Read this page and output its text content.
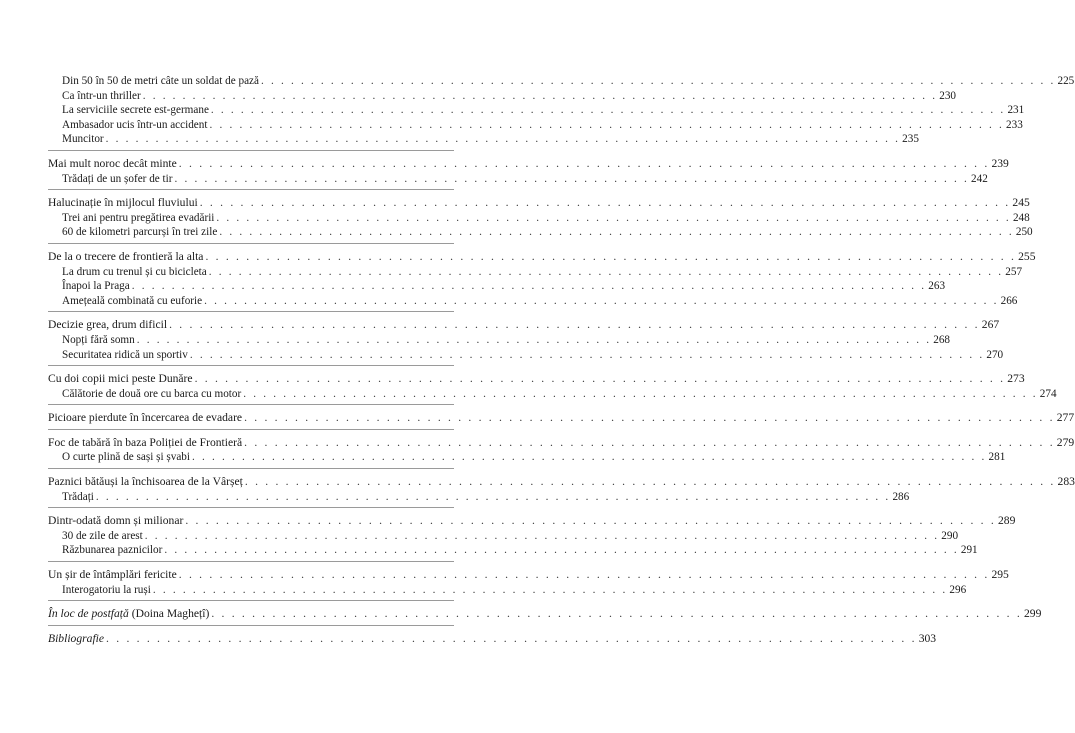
Din 50 în 50 de metri câte un soldat de pază . . . . . . . . . . . . . . . . . . . . . . . . . . . . . . . . . . . . . . . . . . . . . . . . . . . . . . . . . . . . . . . . . . . . . . . . . . . . . . . . 225
Ca într-un thriller . . . . . . . . . . . . . . . . . . . . . . . . . . . . . . . . . . . . . . . . . . . . . . . . . . . . . . . . . . . . . . . . . . . . . . . . . . . . . . . . 230
La serviciile secrete est-germane . . . . . . . . . . . . . . . . . . . . . . . . . . . . . . . . . . . . . . . . . . . . . . . . . . . . . . . . . . . . . . . . . . . . . . . . . . . . . . . . 231
Ambasador ucis într-un accident . . . . . . . . . . . . . . . . . . . . . . . . . . . . . . . . . . . . . . . . . . . . . . . . . . . . . . . . . . . . . . . . . . . . . . . . . . . . . . . . 233
Muncitor . . . . . . . . . . . . . . . . . . . . . . . . . . . . . . . . . . . . . . . . . . . . . . . . . . . . . . . . . . . . . . . . . . . . . . . . . . . . . . . . 235
Mai mult noroc decât minte . . . . . . . . . . . . . . . . . . . . . . . . . . . . . . . . . . . . . . . . . . . . . . . . . . . . . . . . . . . . . . . . . . . . . . . . . . . . . . . . 239
Trădați de un șofer de tir . . . . . . . . . . . . . . . . . . . . . . . . . . . . . . . . . . . . . . . . . . . . . . . . . . . . . . . . . . . . . . . . . . . . . . . . . . . . . . . . 242
Halucinație în mijlocul fluviului . . . . . . . . . . . . . . . . . . . . . . . . . . . . . . . . . . . . . . . . . . . . . . . . . . . . . . . . . . . . . . . . . . . . . . . . . . . . . . . . 245
Trei ani pentru pregătirea evadării . . . . . . . . . . . . . . . . . . . . . . . . . . . . . . . . . . . . . . . . . . . . . . . . . . . . . . . . . . . . . . . . . . . . . . . . . . . . . . . . 248
60 de kilometri parcurși în trei zile . . . . . . . . . . . . . . . . . . . . . . . . . . . . . . . . . . . . . . . . . . . . . . . . . . . . . . . . . . . . . . . . . . . . . . . . . . . . . . . . 250
De la o trecere de frontieră la alta . . . . . . . . . . . . . . . . . . . . . . . . . . . . . . . . . . . . . . . . . . . . . . . . . . . . . . . . . . . . . . . . . . . . . . . . . . . . . . . . 255
La drum cu trenul și cu bicicleta . . . . . . . . . . . . . . . . . . . . . . . . . . . . . . . . . . . . . . . . . . . . . . . . . . . . . . . . . . . . . . . . . . . . . . . . . . . . . . . . 257
Înapoi la Praga . . . . . . . . . . . . . . . . . . . . . . . . . . . . . . . . . . . . . . . . . . . . . . . . . . . . . . . . . . . . . . . . . . . . . . . . . . . . . . . . 263
Amețeală combinată cu euforie . . . . . . . . . . . . . . . . . . . . . . . . . . . . . . . . . . . . . . . . . . . . . . . . . . . . . . . . . . . . . . . . . . . . . . . . . . . . . . . . 266
Decizie grea, drum dificil . . . . . . . . . . . . . . . . . . . . . . . . . . . . . . . . . . . . . . . . . . . . . . . . . . . . . . . . . . . . . . . . . . . . . . . . . . . . . . . . 267
Nopți fără somn . . . . . . . . . . . . . . . . . . . . . . . . . . . . . . . . . . . . . . . . . . . . . . . . . . . . . . . . . . . . . . . . . . . . . . . . . . . . . . . . 268
Securitatea ridică un sportiv . . . . . . . . . . . . . . . . . . . . . . . . . . . . . . . . . . . . . . . . . . . . . . . . . . . . . . . . . . . . . . . . . . . . . . . . . . . . . . . . 270
Cu doi copii mici peste Dunăre . . . . . . . . . . . . . . . . . . . . . . . . . . . . . . . . . . . . . . . . . . . . . . . . . . . . . . . . . . . . . . . . . . . . . . . . . . . . . . . . 273
Călătorie de două ore cu barca cu motor . . . . . . . . . . . . . . . . . . . . . . . . . . . . . . . . . . . . . . . . . . . . . . . . . . . . . . . . . . . . . . . . . . . . . . . . . . . . . . . . 274
Picioare pierdute în încercarea de evadare . . . . . . . . . . . . . . . . . . . . . . . . . . . . . . . . . . . . . . . . . . . . . . . . . . . . . . . . . . . . . . . . . . . . . . . . . . . . . . . . 277
Foc de tabără în baza Poliției de Frontieră . . . . . . . . . . . . . . . . . . . . . . . . . . . . . . . . . . . . . . . . . . . . . . . . . . . . . . . . . . . . . . . . . . . . . . . . . . . . . . . . 279
O curte plină de sași și șvabi . . . . . . . . . . . . . . . . . . . . . . . . . . . . . . . . . . . . . . . . . . . . . . . . . . . . . . . . . . . . . . . . . . . . . . . . . . . . . . . . 281
Paznici bătăuși la închisoarea de la Vârșeț . . . . . . . . . . . . . . . . . . . . . . . . . . . . . . . . . . . . . . . . . . . . . . . . . . . . . . . . . . . . . . . . . . . . . . . . . . . . . . . . 283
Trădați . . . . . . . . . . . . . . . . . . . . . . . . . . . . . . . . . . . . . . . . . . . . . . . . . . . . . . . . . . . . . . . . . . . . . . . . . . . . . . . . 286
Dintr-odată domn și milionar . . . . . . . . . . . . . . . . . . . . . . . . . . . . . . . . . . . . . . . . . . . . . . . . . . . . . . . . . . . . . . . . . . . . . . . . . . . . . . . . 289
30 de zile de arest . . . . . . . . . . . . . . . . . . . . . . . . . . . . . . . . . . . . . . . . . . . . . . . . . . . . . . . . . . . . . . . . . . . . . . . . . . . . . . . . 290
Răzbunarea paznicilor . . . . . . . . . . . . . . . . . . . . . . . . . . . . . . . . . . . . . . . . . . . . . . . . . . . . . . . . . . . . . . . . . . . . . . . . . . . . . . . . 291
Un șir de întâmplări fericite . . . . . . . . . . . . . . . . . . . . . . . . . . . . . . . . . . . . . . . . . . . . . . . . . . . . . . . . . . . . . . . . . . . . . . . . . . . . . . . . 295
Interogatoriu la ruși . . . . . . . . . . . . . . . . . . . . . . . . . . . . . . . . . . . . . . . . . . . . . . . . . . . . . . . . . . . . . . . . . . . . . . . . . . . . . . . . 296
În loc de postfață (Doina Maghețî) . . . . . . . . . . . . . . . . . . . . . . . . . . . . . . . . . . . . . . . . . . . . . . . . . . . . . . . . . . . . . . . . . . . . . . . . . . . . . . . . 299
Bibliografie . . . . . . . . . . . . . . . . . . . . . . . . . . . . . . . . . . . . . . . . . . . . . . . . . . . . . . . . . . . . . . . . . . . . . . . . . . . . . . . . 303
